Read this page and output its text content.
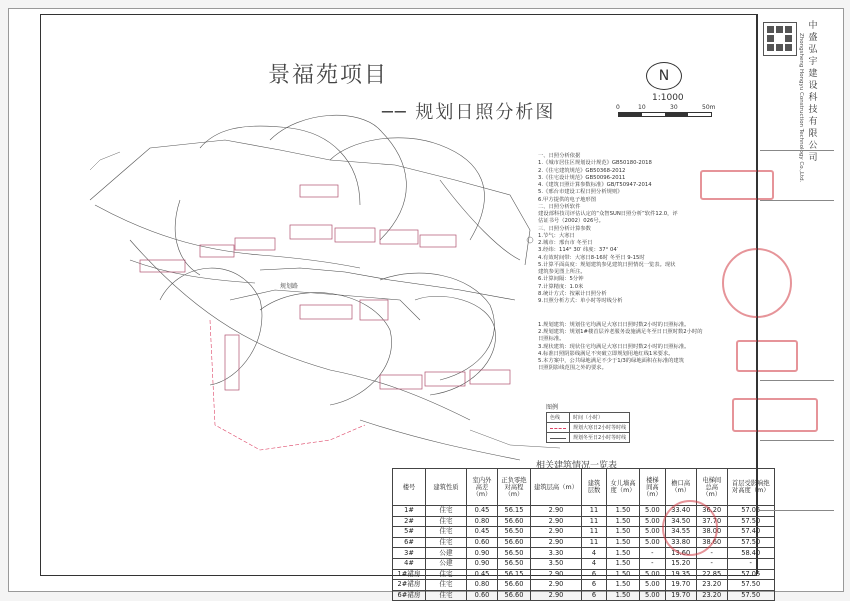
景福苑项目
── 规划日照分析图
N
1:1000
0	10	30	50m
规划路
一、日照分析依据
1.《城市居住区规划设计规范》GB50180-2018
2.《住宅建筑规范》GB50368-2012
3.《住宅设计规范》GB50096-2011
4.《建筑日照计算参数标准》GB/T50947-2014
5.《邢台市建设工程日照分析规则》
6.甲方提供的电子地形图
二、日照分析软件
建设部科技司评估认定的“众智SUN日照分析”软件12.0，评
估证书号（2002）026号。
三、日照分析计算参数
1.节气：大寒日
2.城市：邢台市 冬至日
3.经纬：114° 30′ 纬度：37° 04′
4.有效时间带：大寒日8-16时 冬至日 9-15时
5.计算平面高度：规划建筑参见建筑日照情况一览表。现状
建筑参见图上所注。
6.计算间隔：5分钟
7.计算精度：1.0米
8.统计方式：按累计日照分析
9.日照分析方式：单小时等时线分析
1.规划建筑：规划住宅均满足大寒日日照时数2小时的日照标准。
2.规划建筑：规划1#楼首层养老服务设施满足冬至日日照时数2小时的
日照标准。
3.现状建筑：现状住宅均满足大寒日日照时数2小时的日照标准。
4.标准日照阴影线满足不突破立即规划用地红线1米要求。
5.本方案中，公共绿地满足不少于1/3的绿地面积在标准的建筑
日照阴影线范围之外的要求。
图例
色线	时间（小时）
	规划大寒日2小时等时线
	规划冬至日2小时等时线
相关建筑情况一览表
楼号	建筑性质	室内外高差（m）	正负零绝对高程（m）	建筑层高（m）	建筑层数	女儿墙高度（m）	楼梯间高（m）	檐口高（m）	电梯间总高（m）	首层受影响绝对高度（m）
1#	住宅	0.45	56.15	2.90	11	1.50	5.00	33.40	36.20	57.05
2#	住宅	0.80	56.60	2.90	11	1.50	5.00	34.50	37.70	57.50
5#	住宅	0.45	56.50	2.90	11	1.50	5.00	34.55	38.00	57.40
6#	住宅	0.60	56.60	2.90	11	1.50	5.00	33.80	38.60	57.50
3#	公建	0.90	56.50	3.30	4	1.50	-	13.60	-	58.40
4#	公建	0.90	56.50	3.50	4	1.50	-	15.20	-	-
1#裙房	住宅	0.45	56.15	2.90	6	1.50	5.00	19.35	22.85	57.05
2#裙房	住宅	0.80	56.60	2.90	6	1.50	5.00	19.70	23.20	57.50
6#裙房	住宅	0.60	56.60	2.90	6	1.50	5.00	19.70	23.20	57.50
中盛弘宇建设科技有限公司
Zhongsheng Hongyu Construction Technology Co.,Ltd.
